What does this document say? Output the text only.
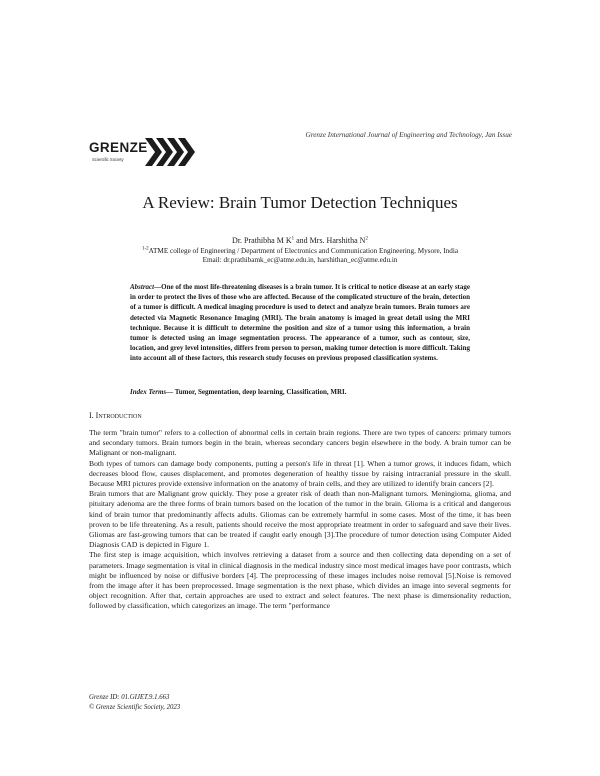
Grenze International Journal of Engineering and Technology, Jan Issue
GRENZE
Scientific Society
A Review: Brain Tumor Detection Techniques
Dr. Prathibha M $K^1$ and Mrs. Harshitha $N^2$
$^{1-2}$ATME college of Engineering / Department of Electronics and Communication Engineering, Mysore, India
Email: dr.prathibamk_ec@atme.edu.in, harshithan_ec@atme.edu.in
Abstract—One of the most life-threatening diseases is a brain tumor. It is critical to notice disease at an early stage in order to protect the lives of those who are affected. Because of the complicated structure of the brain, detection of a tumor is difficult. A medical imaging procedure is used to detect and analyze brain tumors. Brain tumors are detected via Magnetic Resonance Imaging (MRI). The brain anatomy is imaged in great detail using the MRI technique. Because it is difficult to determine the position and size of a tumor using this information, a brain tumor is detected using an image segmentation process. The appearance of a tumor, such as contour, size, location, and grey level intensities, differs from person to person, making tumor detection is more difficult. Taking into account all of these factors, this research study focuses on previous proposed classification systems.
Index Terms— Tumor, Segmentation, deep learning, Classification, MRI.
I. Introduction

The term "brain tumor" refers to a collection of abnormal cells in certain brain regions. There are two types of cancers: primary tumors and secondary tumors. Brain tumors begin in the brain, whereas secondary cancers begin elsewhere in the body. A brain tumor can be Malignant or non-malignant.

Both types of tumors can damage body components, putting a person's life in threat [1]. When a tumor grows, it induces fidam, which decreases blood flow, causes displacement, and promotes degeneration of healthy tissue by raising intracranial pressure in the skull. Because MRI pictures provide extensive information on the anatomy of brain cells, and they are utilized to identify brain cancers [2].

Brain tumors that are Malignant grow quickly. They pose a greater risk of death than non-Malignant tumors. Meningioma, glioma, and pituitary adenoma are the three forms of brain tumors based on the location of the tumor in the brain. Glioma is a critical and dangerous kind of brain tumor that predominantly affects adults. Gliomas can be extremely harmful in some cases. Most of the time, it has been proven to be life threatening. As a result, patients should receive the most appropriate treatment in order to safeguard and save their lives. Gliomas are fast-growing tumors that can be treated if caught early enough [3].The procedure of tumor detection using Computer Aided Diagnosis CAD is depicted in Figure 1.

The first step is image acquisition, which involves retrieving a dataset from a source and then collecting data depending on a set of parameters. Image segmentation is vital in clinical diagnosis in the medical industry since most medical images have poor contrasts, which might be influenced by noise or diffusive borders [4]. The preprocessing of these images includes noise removal [5].Noise is removed from the image after it has been preprocessed. Image segmentation is the next phase, which divides an image into several segments for object recognition. After that, certain approaches are used to extract and select features. The next phase is dimensionality reduction, followed by classification, which categorizes an image. The term "performance

Grenze ID: 01.GIJET.9.1.663
© Grenze Scientific Society, 2023
